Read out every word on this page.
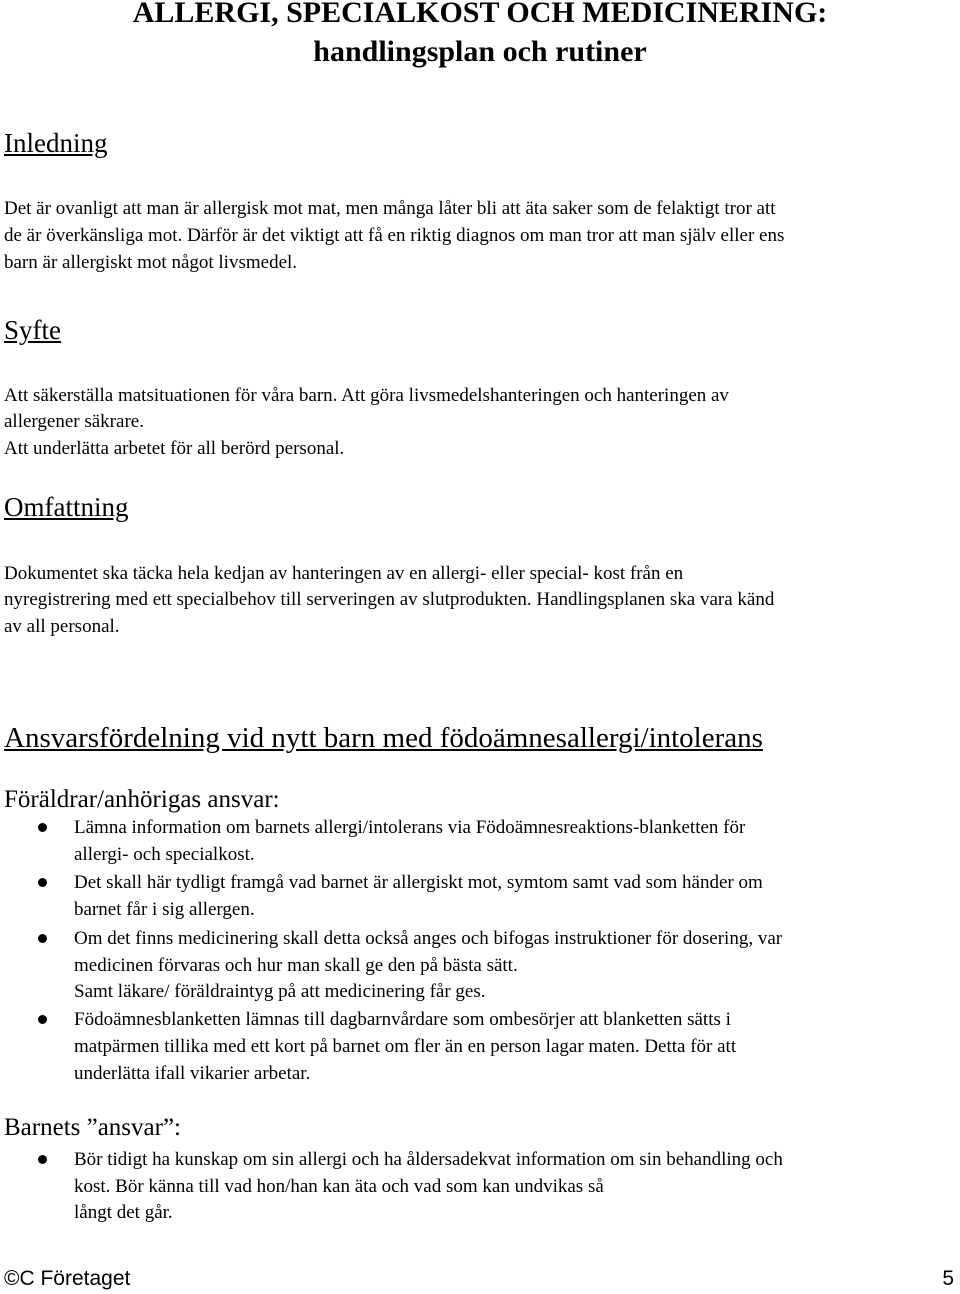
ALLERGI, SPECIALKOST OCH MEDICINERING:
handlingsplan och rutiner
Inledning
Det är ovanligt att man är allergisk mot mat, men många låter bli att äta saker som de felaktigt tror att
de är överkänsliga mot. Därför är det viktigt att få en riktig diagnos om man tror att man själv eller ens
barn är allergiskt mot något livsmedel.
Syfte
Att säkerställa matsituationen för våra barn. Att göra livsmedelshanteringen och hanteringen av
allergener säkrare.
Att underlätta arbetet för all berörd personal.
Omfattning
Dokumentet ska täcka hela kedjan av hanteringen av en allergi- eller special- kost från en
nyregistrering med ett specialbehov till serveringen av slutprodukten. Handlingsplanen ska vara känd
av all personal.
Ansvarsfördelning vid nytt barn med födoämnesallergi/intolerans
Föräldrar/anhörigas ansvar:
Lämna information om barnets allergi/intolerans via Födoämnesreaktions-blanketten för
allergi- och specialkost.
Det skall här tydligt framgå vad barnet är allergiskt mot, symtom samt vad som händer om
barnet får i sig allergen.
Om det finns medicinering skall detta också anges och bifogas instruktioner för dosering, var
medicinen förvaras och hur man skall ge den på bästa sätt.
Samt läkare/ föräldraintyg på att medicinering får ges.
Födoämnesblanketten lämnas till dagbarnvårdare som ombesörjer att blanketten sätts i
matpärmen tillika med ett kort på barnet om fler än en person lagar maten. Detta för att
underlätta ifall vikarier arbetar.
Barnets ”ansvar”:
Bör tidigt ha kunskap om sin allergi och ha åldersadekvat information om sin behandling och
kost. Bör känna till vad hon/han kan äta och vad som kan undvikas så
långt det går.
©C Företaget	5
